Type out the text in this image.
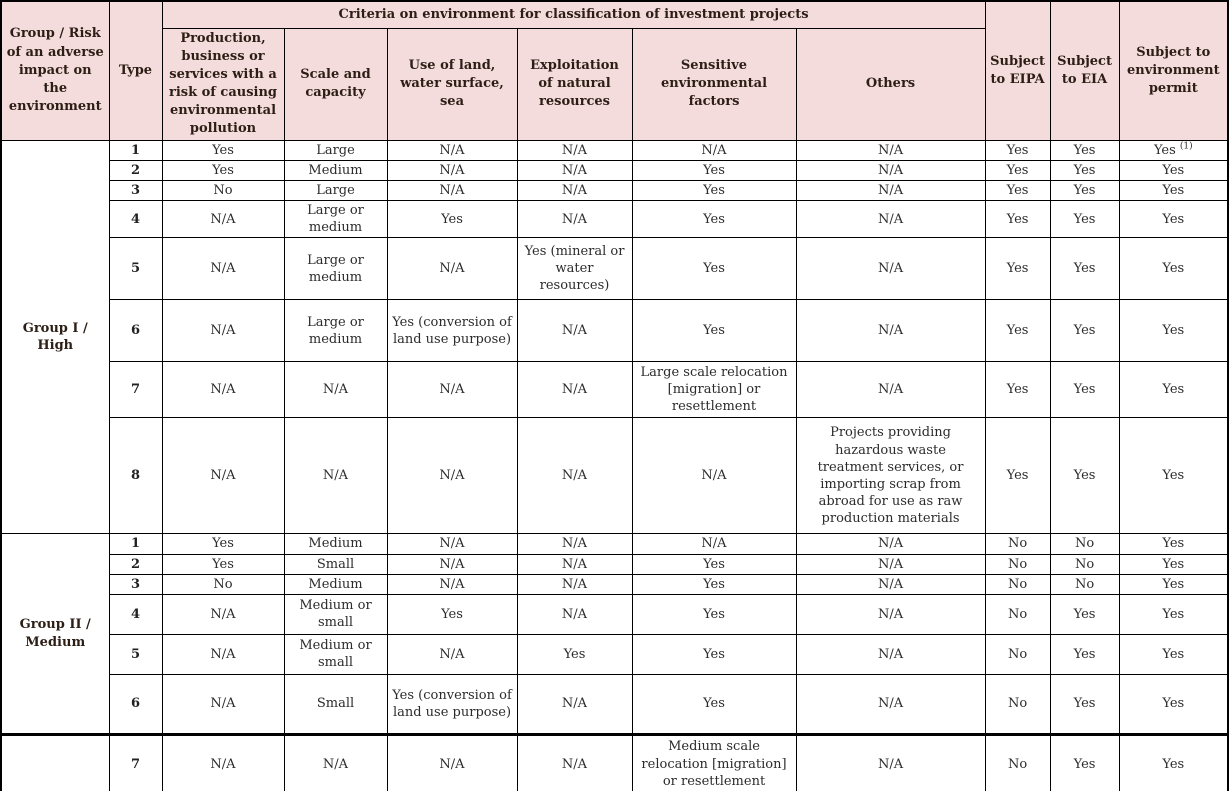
Group / Risk of an adverse impact on the environment	Type	Criteria on environment for classification of investment projects						Subject to EIPA	Subject to EIA	Subject to environment permit
		Production, business or services with a risk of causing environmental pollution	Scale and capacity	Use of land, water surface, sea	Exploitation of natural resources	Sensitive environmental factors	Others			
Group I / High	1	Yes	Large	N/A	N/A	N/A	N/A	Yes	Yes	Yes $^{(1)}$
	2	Yes	Medium	N/A	N/A	Yes	N/A	Yes	Yes	Yes
	3	No	Large	N/A	N/A	Yes	N/A	Yes	Yes	Yes
	4	N/A	Large or medium	Yes	N/A	Yes	N/A	Yes	Yes	Yes
	5	N/A	Large or medium	N/A	Yes (mineral or water resources)	Yes	N/A	Yes	Yes	Yes
	6	N/A	Large or medium	Yes (conversion of land use purpose)	N/A	Yes	N/A	Yes	Yes	Yes
	7	N/A	N/A	N/A	N/A	Large scale relocation [migration] or resettlement	N/A	Yes	Yes	Yes
	8	N/A	N/A	N/A	N/A	N/A	Projects providing hazardous waste treatment services, or importing scrap from abroad for use as raw production materials	Yes	Yes	Yes
Group II / Medium	1	Yes	Medium	N/A	N/A	N/A	N/A	No	No	Yes
	2	Yes	Small	N/A	N/A	Yes	N/A	No	No	Yes
	3	No	Medium	N/A	N/A	Yes	N/A	No	No	Yes
	4	N/A	Medium or small	Yes	N/A	Yes	N/A	No	Yes	Yes
	5	N/A	Medium or small	N/A	Yes	Yes	N/A	No	Yes	Yes
	6	N/A	Small	Yes (conversion of land use purpose)	N/A	Yes	N/A	No	Yes	Yes
	7	N/A	N/A	N/A	N/A	Medium scale relocation [migration] or resettlement	N/A	No	Yes	Yes
